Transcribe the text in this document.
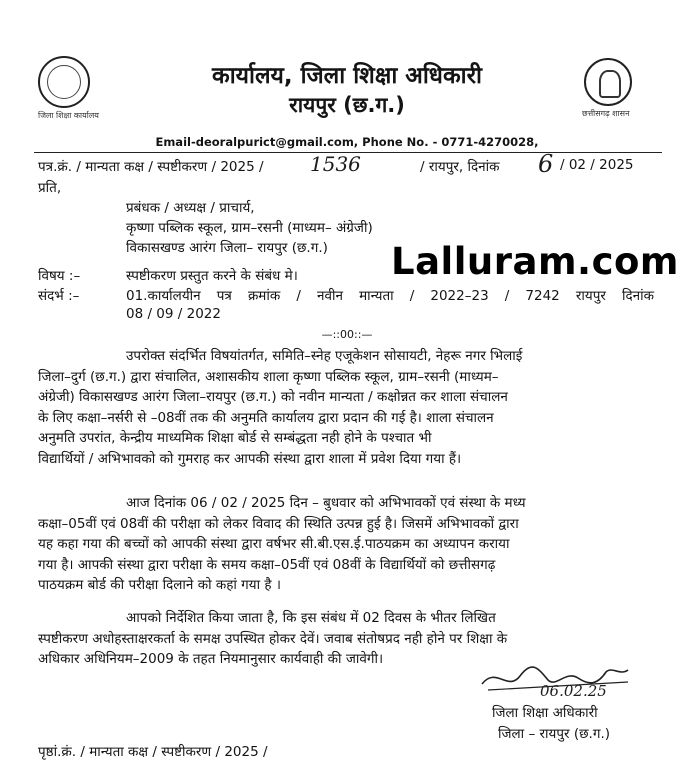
जिला शिक्षा कार्यालय	छत्तीसगढ़ शासन
कार्यालय, जिला शिक्षा अधिकारी
रायपुर (छ.ग.)
Email-deoralpurict@gmail.com, Phone No. - 0771-4270028,
पत्र.क्रं. / मान्यता कक्ष / स्पष्टीकरण / 2025 / 1536	/ रायपुर, दिनांक 6 / 02 / 2025
प्रति,
प्रबंधक / अध्यक्ष / प्राचार्य,
कृष्णा पब्लिक स्कूल, ग्राम–रसनी (माध्यम– अंग्रेजी)
विकासखण्ड आरंग जिला– रायपुर (छ.ग.) Lalluram.com
विषय :–	स्पष्टीकरण प्रस्तुत करने के संबंध मे।
संदर्भ :–	01.कार्यालयीन पत्र क्रमांक / नवीन मान्यता / 2022–23 / 7242 रायपुर दिनांक
08 / 09 / 2022
—::00::—
उपरोक्त संदर्भित विषयांतर्गत, समिति–स्नेह एजूकेशन सोसायटी, नेहरू नगर भिलाई
जिला–दुर्ग (छ.ग.) द्वारा संचालित, अशासकीय शाला कृष्णा पब्लिक स्कूल, ग्राम–रसनी (माध्यम–
अंग्रेजी) विकासखण्ड आरंग जिला–रायपुर (छ.ग.) को नवीन मान्यता / कक्षोन्नत कर शाला संचालन
के लिए कक्षा–नर्सरी से –08वीं तक की अनुमति कार्यालय द्वारा प्रदान की गई है। शाला संचालन
अनुमति उपरांत, केन्द्रीय माध्यमिक शिक्षा बोर्ड से सम्बंद्धता नही होने के पश्चात भी
विद्यार्थियों / अभिभावको को गुमराह कर आपकी संस्था द्वारा शाला में प्रवेश दिया गया हैं।
आज दिनांक 06 / 02 / 2025 दिन – बुधवार को अभिभावकों एवं संस्था के मध्य
कक्षा–05वीं एवं 08वीं की परीक्षा को लेकर विवाद की स्थिति उत्पन्न हुई है। जिसमें अभिभावकों द्वारा
यह कहा गया की बच्चों को आपकी संस्था द्वारा वर्षभर सी.बी.एस.ई.पाठयक्रम का अध्यापन कराया
गया है। आपकी संस्था द्वारा परीक्षा के समय कक्षा–05वीं एवं 08वीं के विद्यार्थियों को छत्तीसगढ़
पाठयक्रम बोर्ड की परीक्षा दिलाने को कहां गया है ।
आपको निर्देशित किया जाता है, कि इस संबंध में 02 दिवस के भीतर लिखित
स्पष्टीकरण अधोहस्ताक्षरकर्ता के समक्ष उपस्थित होकर देवें। जवाब संतोषप्रद नही होने पर शिक्षा के
अधिकार अधिनियम–2009 के तहत नियमानुसार कार्यवाही की जावेगी।
06.02.25
जिला शिक्षा अधिकारी
जिला – रायपुर (छ.ग.)
पृष्ठां.क्रं. / मान्यता कक्ष / स्पष्टीकरण / 2025 /
